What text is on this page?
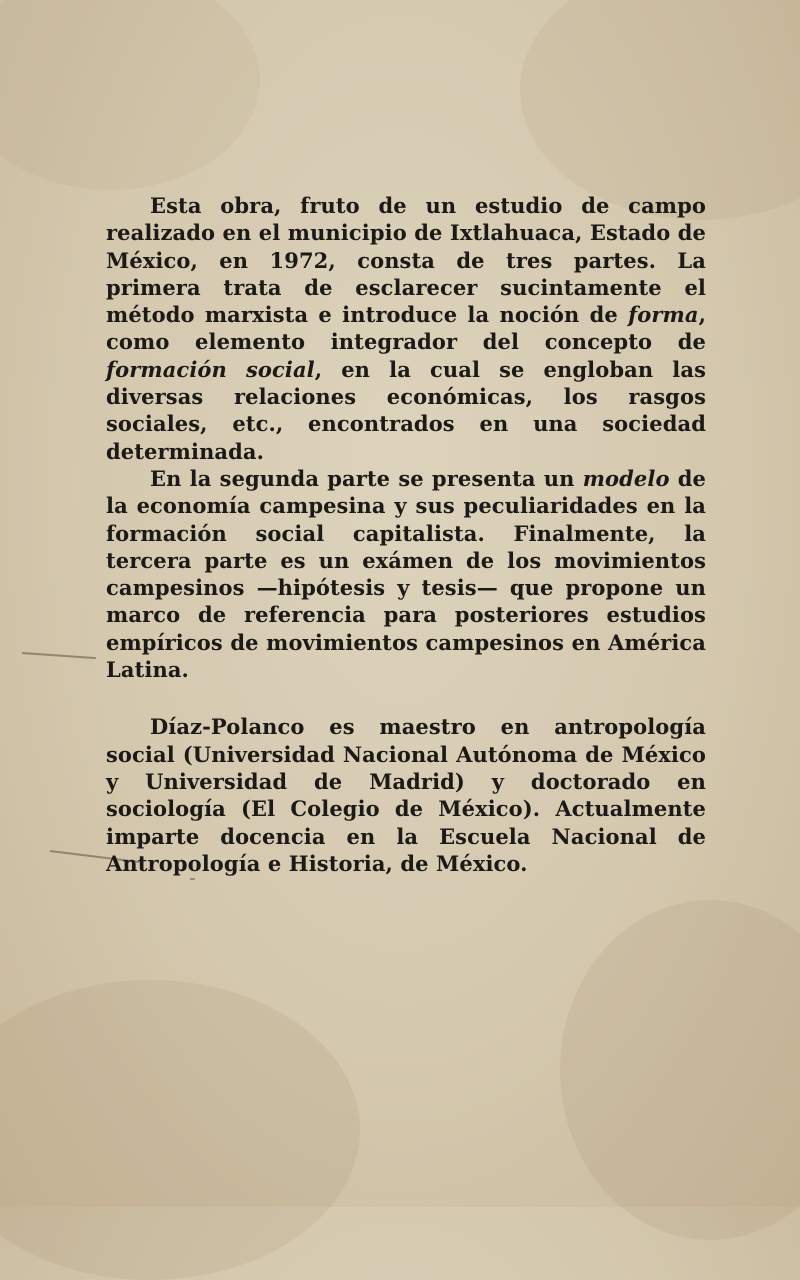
Esta obra, fruto de un estudio de campo realizado en el municipio de Ixtlahuaca, Estado de México, en 1972, consta de tres partes. La primera trata de esclarecer sucintamente el método marxista e introduce la noción de forma, como elemento integrador del concepto de formación social, en la cual se engloban las diversas relaciones económicas, los rasgos sociales, etc., encontrados en una sociedad determinada.

En la segunda parte se presenta un modelo de la economía campesina y sus peculiaridades en la formación social capitalista. Finalmente, la tercera parte es un exámen de los movimientos campesinos —hipótesis y tesis— que propone un marco de referencia para posteriores estudios empíricos de movimientos campesinos en América Latina.

Díaz-Polanco es maestro en antropología social (Universidad Nacional Autónoma de México y Universidad de Madrid) y doctorado en sociología (El Colegio de México). Actualmente imparte docencia en la Escuela Nacional de Antropología e Historia, de México.
